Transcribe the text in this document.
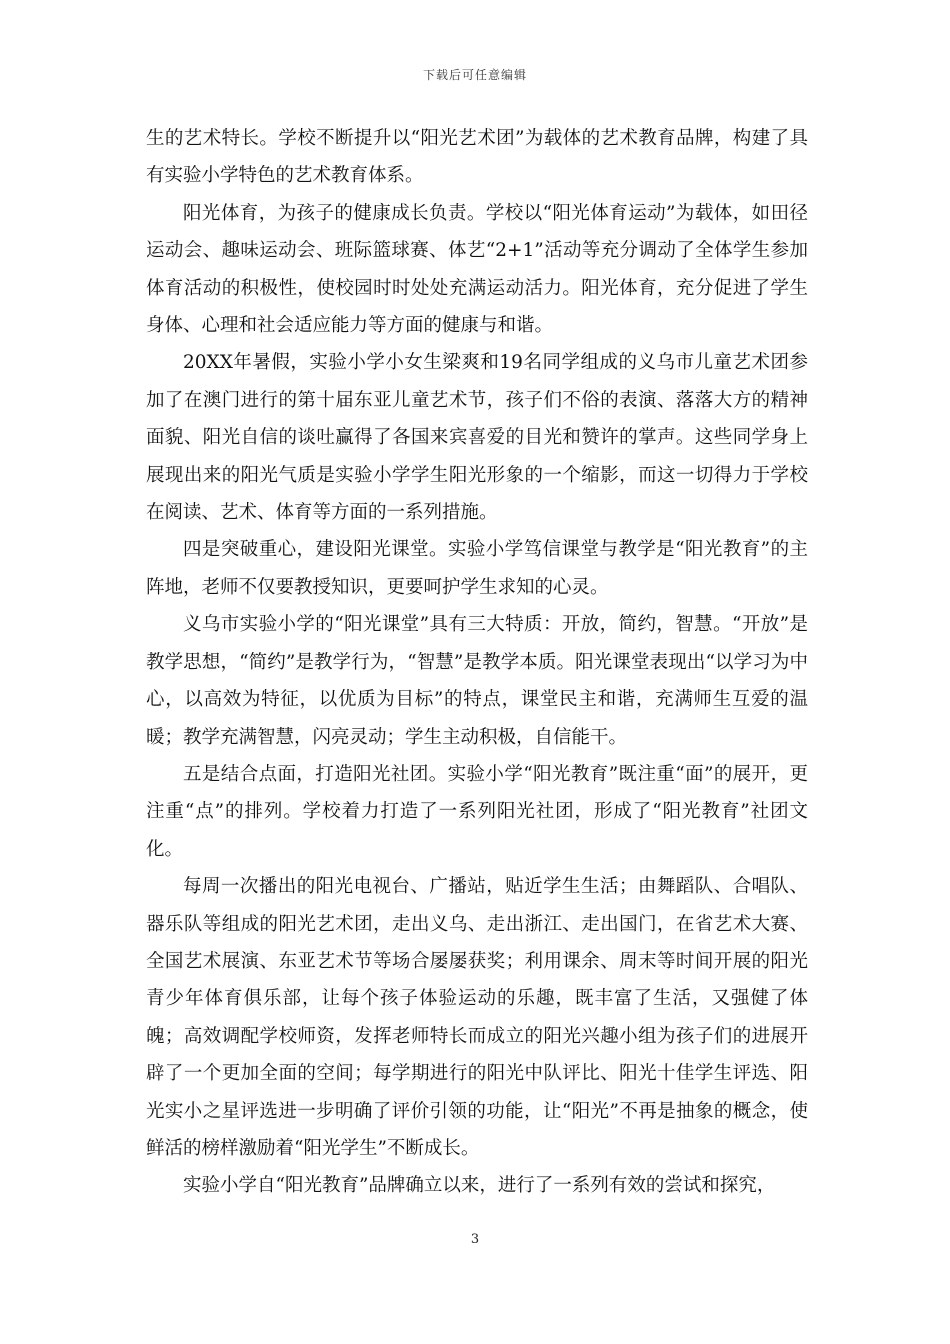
下载后可任意编辑

生的艺术特长。学校不断提升以“阳光艺术团”为载体的艺术教育品牌，构建了具有实验小学特色的艺术教育体系。

阳光体育，为孩子的健康成长负责。学校以“阳光体育运动”为载体，如田径运动会、趣味运动会、班际篮球赛、体艺“2+1”活动等充分调动了全体学生参加体育活动的积极性，使校园时时处处充满运动活力。阳光体育，充分促进了学生身体、心理和社会适应能力等方面的健康与和谐。

20XX年暑假，实验小学小女生梁爽和19名同学组成的义乌市儿童艺术团参加了在澳门进行的第十届东亚儿童艺术节，孩子们不俗的表演、落落大方的精神面貌、阳光自信的谈吐赢得了各国来宾喜爱的目光和赞许的掌声。这些同学身上展现出来的阳光气质是实验小学学生阳光形象的一个缩影，而这一切得力于学校在阅读、艺术、体育等方面的一系列措施。

四是突破重心，建设阳光课堂。实验小学笃信课堂与教学是“阳光教育”的主阵地，老师不仅要教授知识，更要呵护学生求知的心灵。

义乌市实验小学的“阳光课堂”具有三大特质：开放，简约，智慧。“开放”是教学思想，“简约”是教学行为，“智慧”是教学本质。阳光课堂表现出“以学习为中心，以高效为特征，以优质为目标”的特点，课堂民主和谐，充满师生互爱的温暖；教学充满智慧，闪亮灵动；学生主动积极，自信能干。

五是结合点面，打造阳光社团。实验小学“阳光教育”既注重“面”的展开，更注重“点”的排列。学校着力打造了一系列阳光社团，形成了“阳光教育”社团文化。

每周一次播出的阳光电视台、广播站，贴近学生生活；由舞蹈队、合唱队、器乐队等组成的阳光艺术团，走出义乌、走出浙江、走出国门，在省艺术大赛、全国艺术展演、东亚艺术节等场合屡屡获奖；利用课余、周末等时间开展的阳光青少年体育俱乐部，让每个孩子体验运动的乐趣，既丰富了生活，又强健了体魄；高效调配学校师资，发挥老师特长而成立的阳光兴趣小组为孩子们的进展开辟了一个更加全面的空间；每学期进行的阳光中队评比、阳光十佳学生评选、阳光实小之星评选进一步明确了评价引领的功能，让“阳光”不再是抽象的概念，使鲜活的榜样激励着“阳光学生”不断成长。

实验小学自“阳光教育”品牌确立以来，进行了一系列有效的尝试和探究，

3
